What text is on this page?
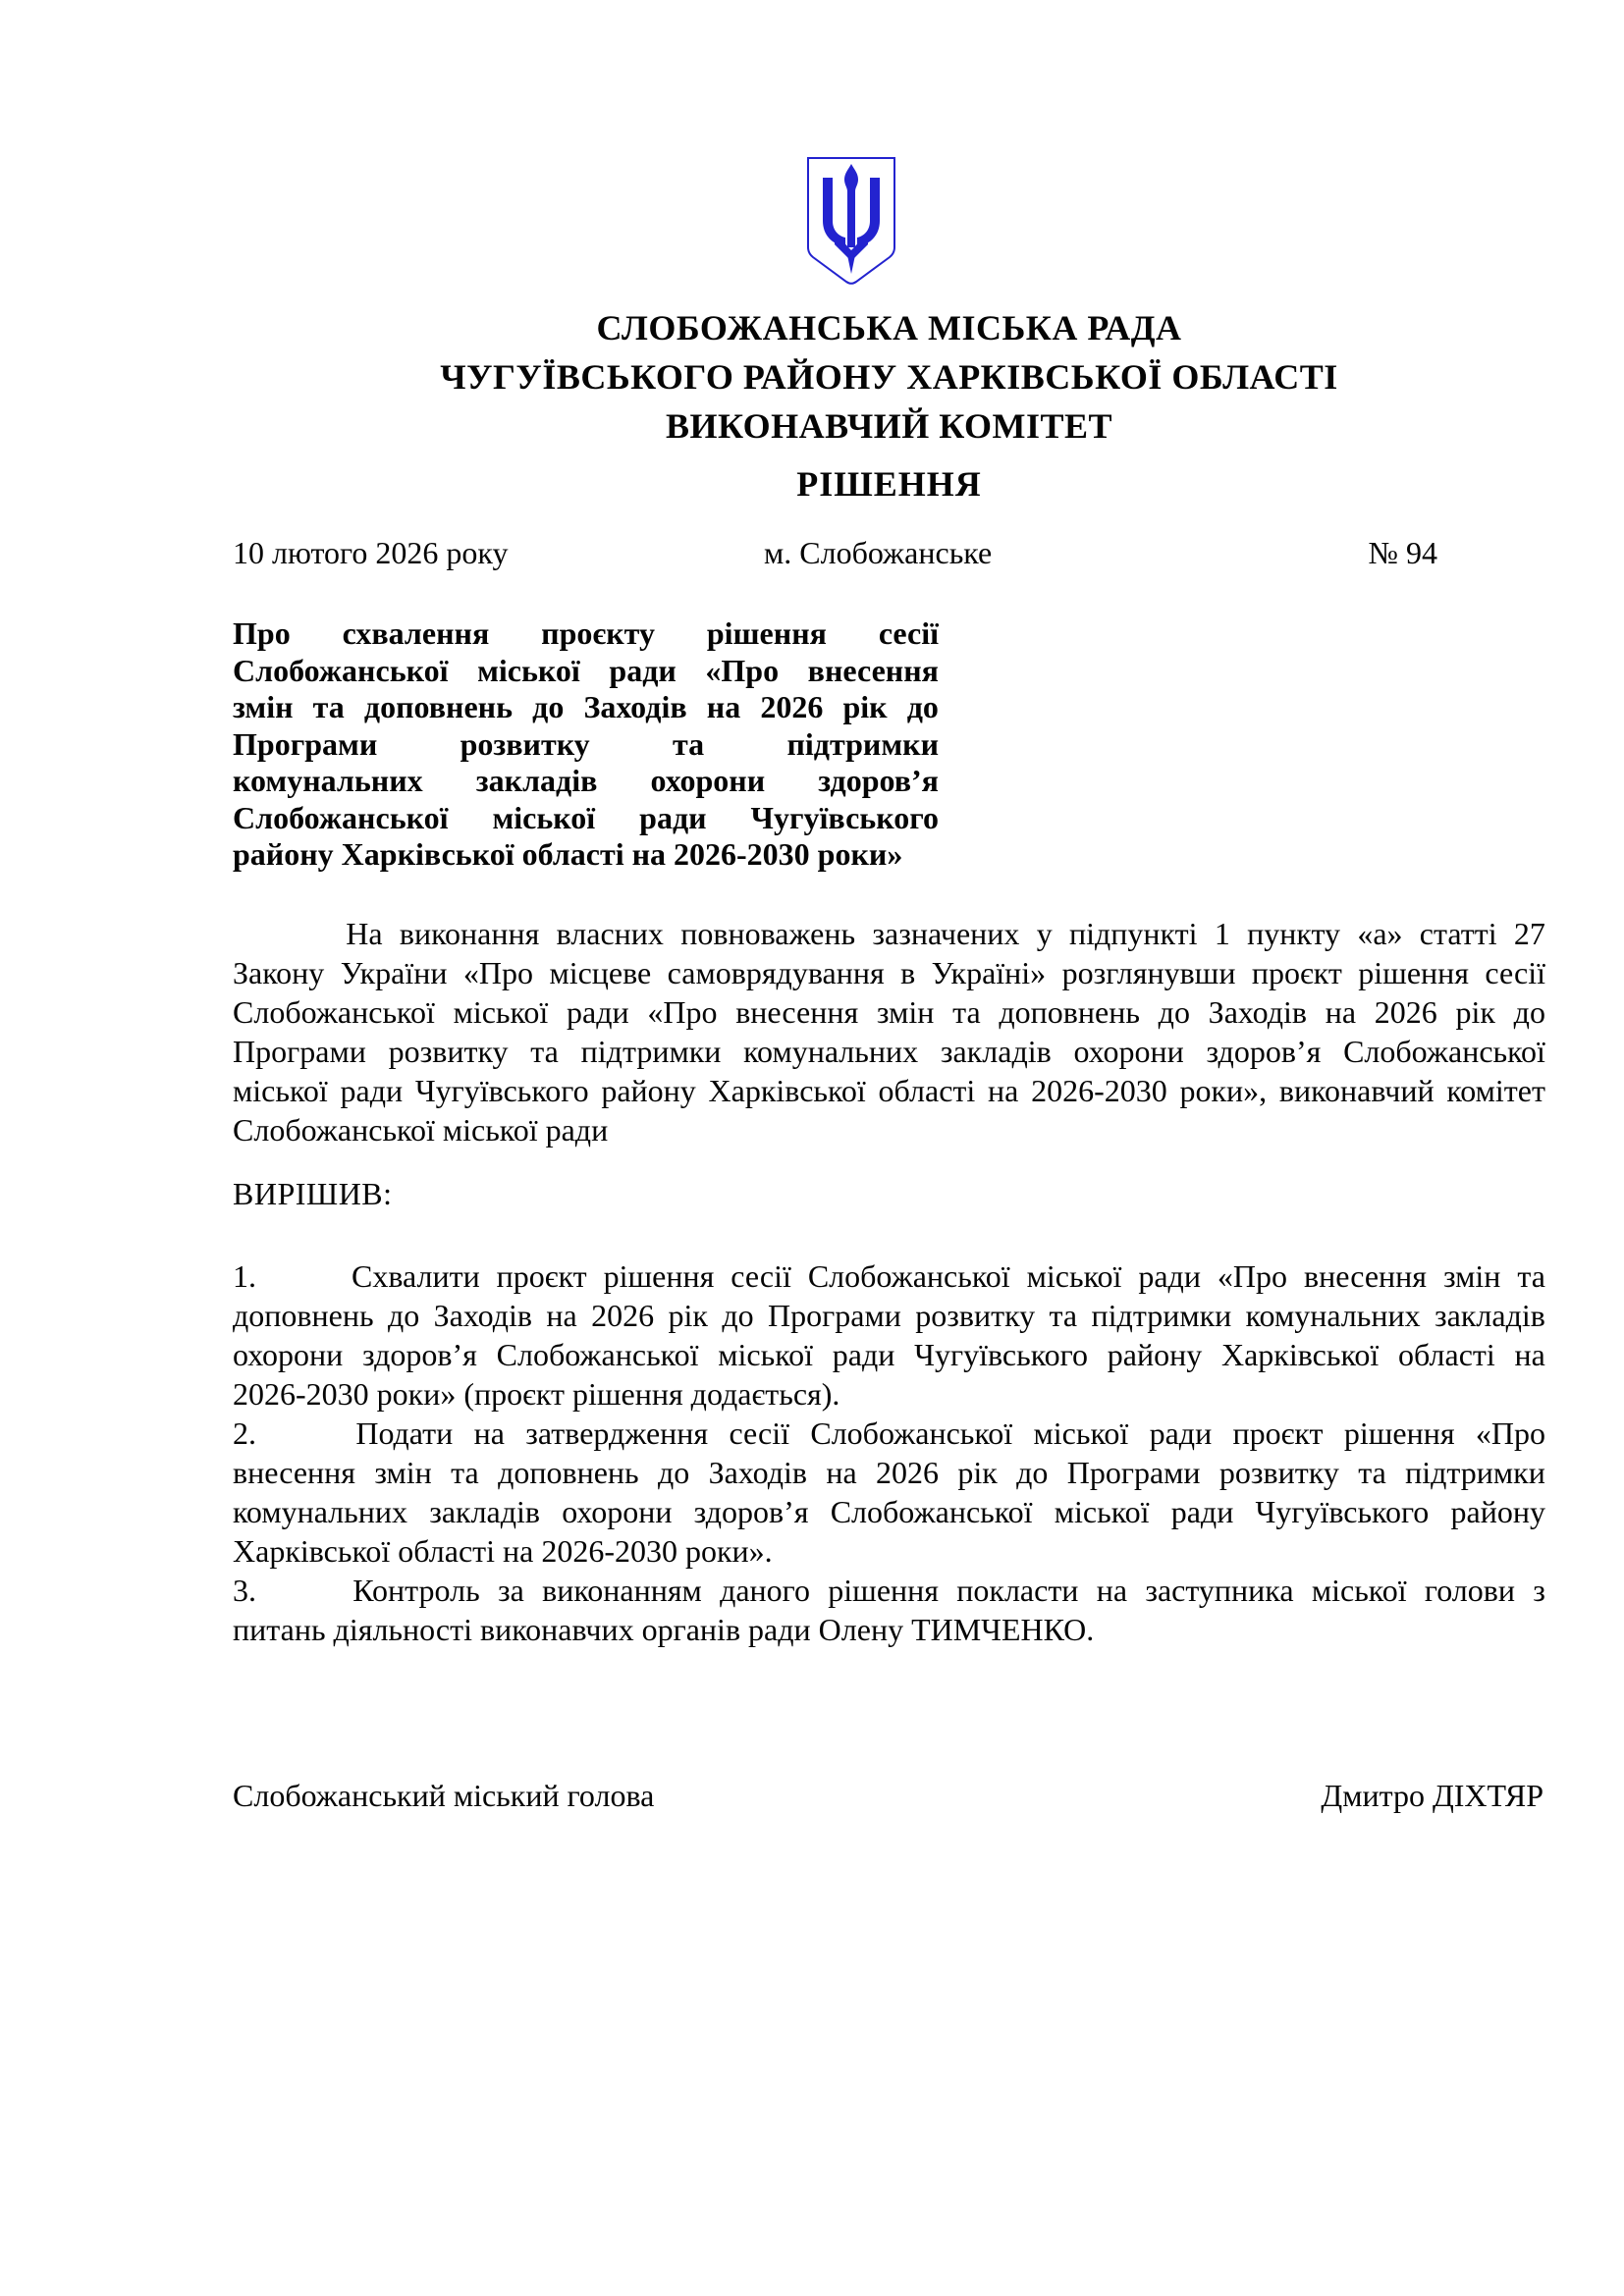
СЛОБОЖАНСЬКА МІСЬКА РАДА
ЧУГУЇВСЬКОГО РАЙОНУ ХАРКІВСЬКОЇ ОБЛАСТІ
ВИКОНАВЧИЙ КОМІТЕТ
РІШЕННЯ
10 лютого 2026 року	м. Слобожанське	№ 94
Про схвалення проєкту рішення сесії
Слобожанської міської ради «Про внесення
змін та доповнень до Заходів на 2026 рік до
Програми	розвитку	та	підтримки
комунальних закладів охорони здоров’я
Слобожанської міської ради Чугуївського
району Харківської області на 2026-2030 роки»
На виконання власних повноважень зазначених у підпункті 1 пункту «а» статті 27
Закону України «Про місцеве самоврядування в Україні» розглянувши проєкт рішення сесії
Слобожанської міської ради «Про внесення змін та доповнень до Заходів на 2026 рік до
Програми розвитку та підтримки комунальних закладів охорони здоров’я Слобожанської
міської ради Чугуївського району Харківської області на 2026-2030 роки», виконавчий комітет
Слобожанської міської ради
ВИРІШИВ:
1.	Схвалити проєкт рішення сесії Слобожанської міської ради «Про внесення змін та
доповнень до Заходів на 2026 рік до Програми розвитку та підтримки комунальних закладів
охорони здоров’я Слобожанської міської ради Чугуївського району Харківської області на
2026-2030 роки» (проєкт рішення додається).
2.	Подати на затвердження сесії Слобожанської міської ради проєкт рішення «Про
внесення змін та доповнень до Заходів на 2026 рік до Програми розвитку та підтримки
комунальних закладів охорони здоров’я Слобожанської міської ради Чугуївського району
Харківської області на 2026-2030 роки».
3.	Контроль за виконанням даного рішення покласти на заступника міської голови з
питань діяльності виконавчих органів ради Олену ТИМЧЕНКО.
Слобожанський міський голова	Дмитро ДІХТЯР
